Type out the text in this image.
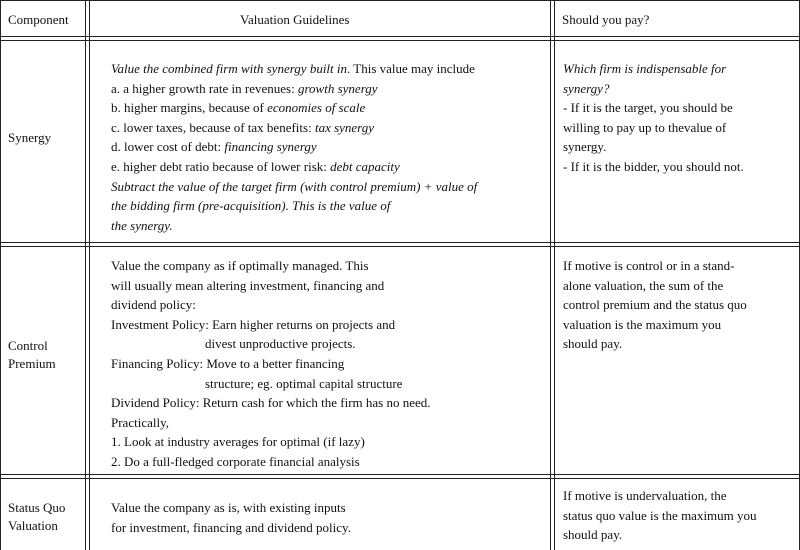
Component	Valuation Guidelines	Should you pay?
Synergy
Value the combined firm with synergy built in. This value may include
a. a higher growth rate in revenues: growth synergy
b. higher margins, because of economies of scale
c. lower taxes, because of tax benefits: tax synergy
d. lower cost of debt: financing synergy
e. higher debt ratio because of lower risk: debt capacity
Subtract the value of the target firm (with control premium) + value of
the bidding firm (pre-acquisition). This is the value of
the synergy.
Which firm is indispensable for
synergy?
- If it is the target, you should be
willing to pay up to thevalue of
synergy.
- If it is the bidder, you should not.
Control
Premium
Value the company as if optimally managed. This
will usually mean altering investment, financing and
dividend policy:
Investment Policy: Earn higher returns on projects and
divest unproductive projects.
Financing Policy: Move to a better financing
structure; eg. optimal capital structure
Dividend Policy: Return cash for which the firm has no need.
Practically,
1. Look at industry averages for optimal (if lazy)
2. Do a full-fledged corporate financial analysis
If motive is control or in a stand-
alone valuation, the sum of the
control premium and the status quo
valuation is the maximum you
should pay.
Status Quo
Valuation
Value the company as is, with existing inputs
for investment, financing and dividend policy.
If motive is undervaluation, the
status quo value is the maximum you
should pay.
